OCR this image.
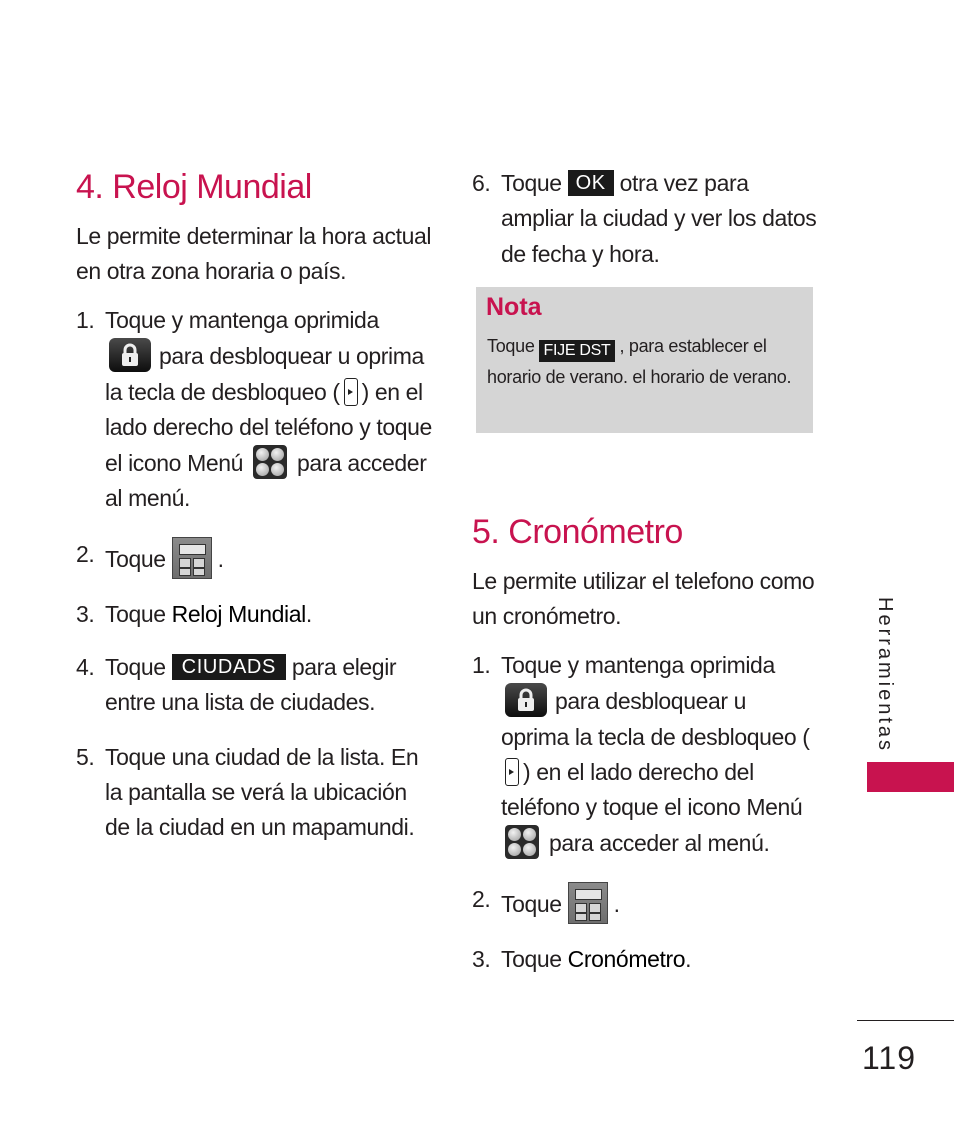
4. Reloj Mundial

Le permite determinar la hora actual en otra zona horaria o país.

1. Toque y mantenga oprimida

para desbloquear u oprima la tecla de desbloqueo ( ) en el lado derecho del teléfono y toque el icono Menú para acceder al menú.
2. Toque .
3. Toque Reloj Mundial.
4. Toque CIUDADS para elegir entre una lista de ciudades.
5. Toque una ciudad de la lista. En la pantalla se verá la ubicación de la ciudad en un mapamundi.
6. Toque OK otra vez para ampliar la ciudad y ver los datos de fecha y hora.
Nota

Toque FIJE DST , para establecer el horario de verano. el horario de verano.

5. Cronómetro

Le permite utilizar el telefono como un cronómetro.

1. Toque y mantenga oprimida

para desbloquear u oprima la tecla de desbloqueo () en el lado derecho del teléfono y toque el icono Menú
para acceder al menú.
2. Toque .
3. Toque Cronómetro.
Herramientas
119
